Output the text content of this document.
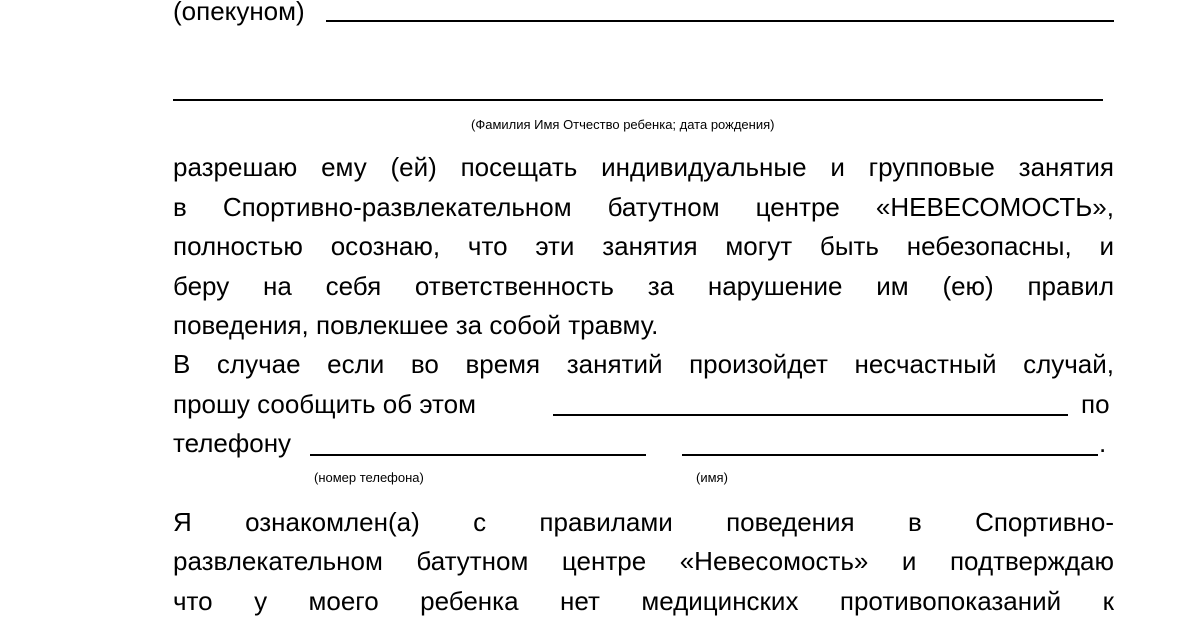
(опекуном)
(Фамилия Имя Отчество ребенка; дата рождения)
разрешаю ему (ей) посещать индивидуальные и групповые занятия
в Спортивно-развлекательном батутном центре «НЕВЕСОМОСТЬ»,
полностью осознаю, что эти занятия могут быть небезопасны, и
беру на себя ответственность за нарушение им (ею) правил
поведения, повлекшее за собой травму.
В случае если во время занятий произойдет несчастный случай,
прошу сообщить об этом	по
телефону	.
(номер телефона)	(имя)
Я ознакомлен(а) с правилами поведения в Спортивно-
развлекательном батутном центре «Невесомость» и подтверждаю
что у моего ребенка нет медицинских противопоказаний к
